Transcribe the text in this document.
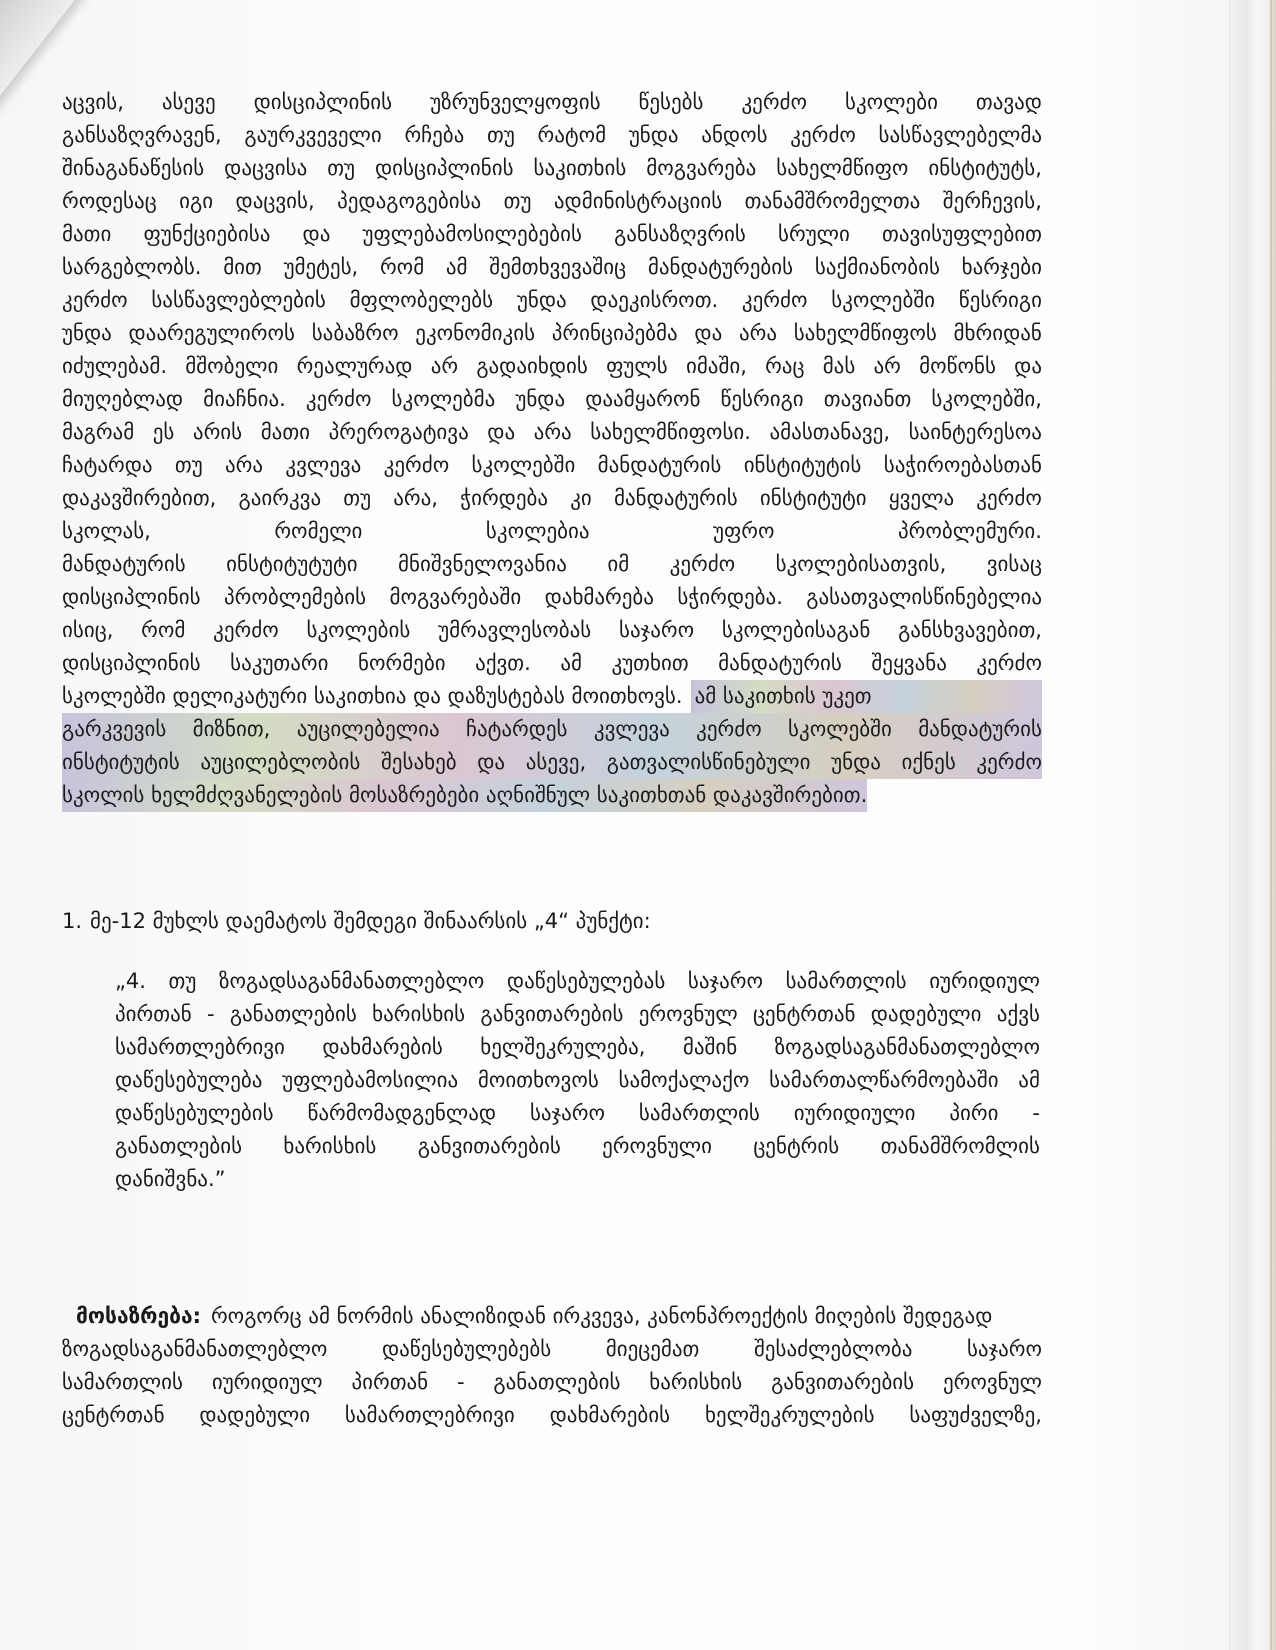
აცვის, ასევე დისციპლინის უზრუნველყოფის წესებს კერძო სკოლები თავად
განსაზღვრავენ, გაურკვეველი რჩება თუ რატომ უნდა ანდოს კერძო სასწავლებელმა
შინაგანაწესის დაცვისა თუ დისციპლინის საკითხის მოგვარება სახელმწიფო ინსტიტუტს,
როდესაც იგი დაცვის, პედაგოგებისა თუ ადმინისტრაციის თანამშრომელთა შერჩევის,
მათი ფუნქციებისა და უფლებამოსილებების განსაზღვრის სრული თავისუფლებით
სარგებლობს. მით უმეტეს, რომ ამ შემთხვევაშიც მანდატურების საქმიანობის ხარჯები
კერძო სასწავლებლების მფლობელებს უნდა დაეკისროთ. კერძო სკოლებში წესრიგი
უნდა დაარეგულიროს საბაზრო ეკონომიკის პრინციპებმა და არა სახელმწიფოს მხრიდან
იძულებამ. მშობელი რეალურად არ გადაიხდის ფულს იმაში, რაც მას არ მოწონს და
მიუღებლად მიაჩნია. კერძო სკოლებმა უნდა დაამყარონ წესრიგი თავიანთ სკოლებში,
მაგრამ ეს არის მათი პრეროგატივა და არა სახელმწიფოსი. ამასთანავე, საინტერესოა
ჩატარდა თუ არა კვლევა კერძო სკოლებში მანდატურის ინსტიტუტის საჭიროებასთან
დაკავშირებით, გაირკვა თუ არა, ჭირდება კი მანდატურის ინსტიტუტი ყველა კერძო
სკოლას,	რომელი	სკოლებია	უფრო	პრობლემური.
მანდატურის ინსტიტუტუტი მნიშვნელოვანია იმ კერძო სკოლებისათვის, ვისაც
დისციპლინის პრობლემების მოგვარებაში დახმარება სჭირდება. გასათვალისწინებელია
ისიც, რომ კერძო სკოლების უმრავლესობას საჯარო სკოლებისაგან განსხვავებით,
დისციპლინის საკუთარი ნორმები აქვთ. ამ კუთხით მანდატურის შეყვანა კერძო
სკოლებში დელიკატური საკითხია და დაზუსტებას მოითხოვს. ამ საკითხის უკეთ
გარკვევის მიზნით, აუცილებელია ჩატარდეს კვლევა კერძო სკოლებში მანდატურის
ინსტიტუტის აუცილებლობის შესახებ და ასევე, გათვალისწინებული უნდა იქნეს კერძო
სკოლის ხელმძღვანელების მოსაზრებები აღნიშნულ საკითხთან დაკავშირებით.
1. მე-12 მუხლს დაემატოს შემდეგი შინაარსის „4“ პუნქტი:
„4. თუ ზოგადსაგანმანათლებლო დაწესებულებას საჯარო სამართლის იურიდიულ
პირთან - განათლების ხარისხის განვითარების ეროვნულ ცენტრთან დადებული აქვს
სამართლებრივი დახმარების ხელშეკრულება, მაშინ ზოგადსაგანმანათლებლო
დაწესებულება უფლებამოსილია მოითხოვოს სამოქალაქო სამართალწარმოებაში ამ
დაწესებულების წარმომადგენლად საჯარო სამართლის იურიდიული პირი -
განათლების ხარისხის განვითარების ეროვნული ცენტრის თანამშრომლის
დანიშვნა.”
მოსაზრება: როგორც ამ ნორმის ანალიზიდან ირკვევა, კანონპროექტის მიღების შედეგად
ზოგადსაგანმანათლებლო	დაწესებულებებს	მიეცემათ	შესაძლებლობა	საჯარო
სამართლის იურიდიულ პირთან - განათლების ხარისხის განვითარების ეროვნულ
ცენტრთან დადებული სამართლებრივი დახმარების ხელშეკრულების საფუძველზე,
